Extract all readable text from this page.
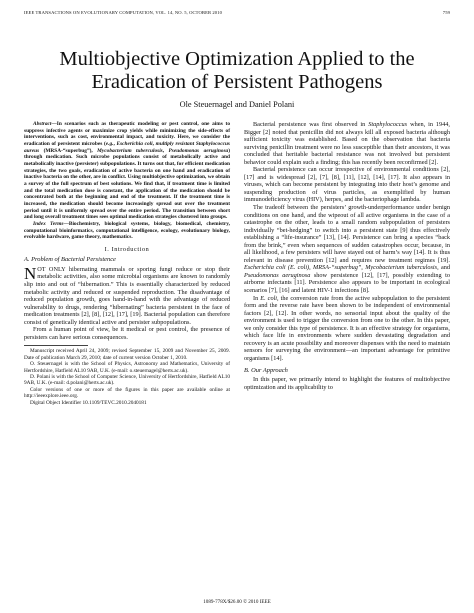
IEEE TRANSACTIONS ON EVOLUTIONARY COMPUTATION, VOL. 14, NO. 5, OCTOBER 2010	759
Multiobjective Optimization Applied to the
Eradication of Persistent Pathogens
Ole Steuernagel and Daniel Polani

Abstract—In scenarios such as therapeutic modeling or pest control, one aims to suppress infective agents or maximize crop yields while minimizing the side-effects of interventions, such as cost, environmental impact, and toxicity. Here, we consider the eradication of persistent microbes (e.g., Escherichia coli, multiply resistant Staphylococcus aureus (MRSA-“superbug”), Mycobacterium tuberculosis, Pseudomonas aeruginosa) through medication. Such microbe populations consist of metabolically active and metabolically inactive (persister) subpopulations. It turns out that, for efficient medication strategies, the two goals, eradication of active bacteria on one hand and eradication of inactive bacteria on the other, are in conflict. Using multiobjective optimization, we obtain a survey of the full spectrum of best solutions. We find that, if treatment time is limited and the total medication dose is constant, the application of the medication should be concentrated both at the beginning and end of the treatment. If the treatment time is increased, the medication should become increasingly spread out over the treatment period until it is uniformly spread over the entire period. The transition between short and long overall treatment times sees optimal medication strategies clustered into groups.

Index Terms—Biochemistry, biological systems, biology, biomedical, chemistry, computational bioinformatics, computational intelligence, ecology, evolutionary biology, evolvable hardware, game theory, mathematics.

I. Introduction
A. Problem of Bacterial Persistence

NOT ONLY hibernating mammals or sporing fungi reduce or stop their metabolic activities, also some microbial organisms are known to randomly slip into and out of “hibernation.” This is essentially characterized by reduced metabolic activity and reduced or suspended reproduction. The disadvantage of reduced population growth, goes hand-in-hand with the advantage of reduced vulnerability to drugs, rendering “hibernating” bacteria persistent in the face of medication treatments [2], [8], [12], [17], [19]. Bacterial population can therefore consist of genetically identical active and persister subpopulations.

From a human point of view, be it medical or pest control, the presence of persisters can have serious consequences.

Manuscript received April 24, 2009; revised September 15, 2009 and November 25, 2009. Date of publication March 29, 2010; date of current version October 1, 2010.
O. Steuernagel is with the School of Physics, Astronomy and Mathematics, University of Hertfordshire, Hatfield AL10 9AB, U.K. (e-mail: o.steuernagel@herts.ac.uk).
D. Polani is with the School of Computer Science, University of Hertfordshire, Hatfield AL10 9AB, U.K. (e-mail: d.polani@herts.ac.uk).
Color versions of one or more of the figures in this paper are available online at http://ieeexplore.ieee.org.
Digital Object Identifier 10.1109/TEVC.2010.2040181

Bacterial persistence was first observed in Staphylococcus when, in 1944, Bigger [2] noted that penicillin did not always kill all exposed bacteria although sufficient toxicity was established. Based on the observation that bacteria surviving penicillin treatment were no less susceptible than their ancestors, it was concluded that heritable bacterial resistance was not involved but persistent behavior could explain such a finding; this has recently been reconfirmed [2].

Bacterial persistence can occur irrespective of environmental conditions [2], [17] and is widespread [2], [7], [8], [11], [12], [14], [17]. It also appears in viruses, which can become persistent by integrating into their host’s genome and suspending production of virus particles, as exemplified by human immunodeficiency virus (HIV), herpes, and the bacteriophage lambda.

The tradeoff between the persisters’ growth-underperformance under benign conditions on one hand, and the wipeout of all active organisms in the case of a catastrophe on the other, leads to a small random subpopulation of persisters individually “bet-hedging” to switch into a persistent state [9] thus effectively establishing a “life-insurance” [13], [14]. Persistence can bring a species “back from the brink,” even when sequences of sudden catastrophes occur, because, in all likelihood, a few persisters will have stayed out of harm’s way [14]. It is thus relevant in disease prevention [12] and requires new treatment regimes [19]. Escherichia coli (E. coli), MRSA-“superbug”, Mycobacterium tuberculosis, and Pseudomonas aeruginosa show persistence [12], [17], possibly extending to airborne infectants [11]. Persistence also appears to be important in ecological scenarios [7], [16] and latent HIV-1 infections [8].

In E. coli, the conversion rate from the active subpopulation to the persistent form and the reverse rate have been shown to be independent of environmental factors [2], [12]. In other words, no sensorial input about the quality of the environment is used to trigger the conversion from one to the other. In this paper, we only consider this type of persistence. It is an effective strategy for organisms, which face life in environments where sudden devastating degradation and recovery is an acute possibility and moreover dispenses with the need to maintain sensors for surveying the environment—an important advantage for primitive organisms [14].

B. Our Approach

In this paper, we primarily intend to highlight the features of multiobjective optimization and its applicability to

1089-778X/$26.00 © 2010 IEEE
